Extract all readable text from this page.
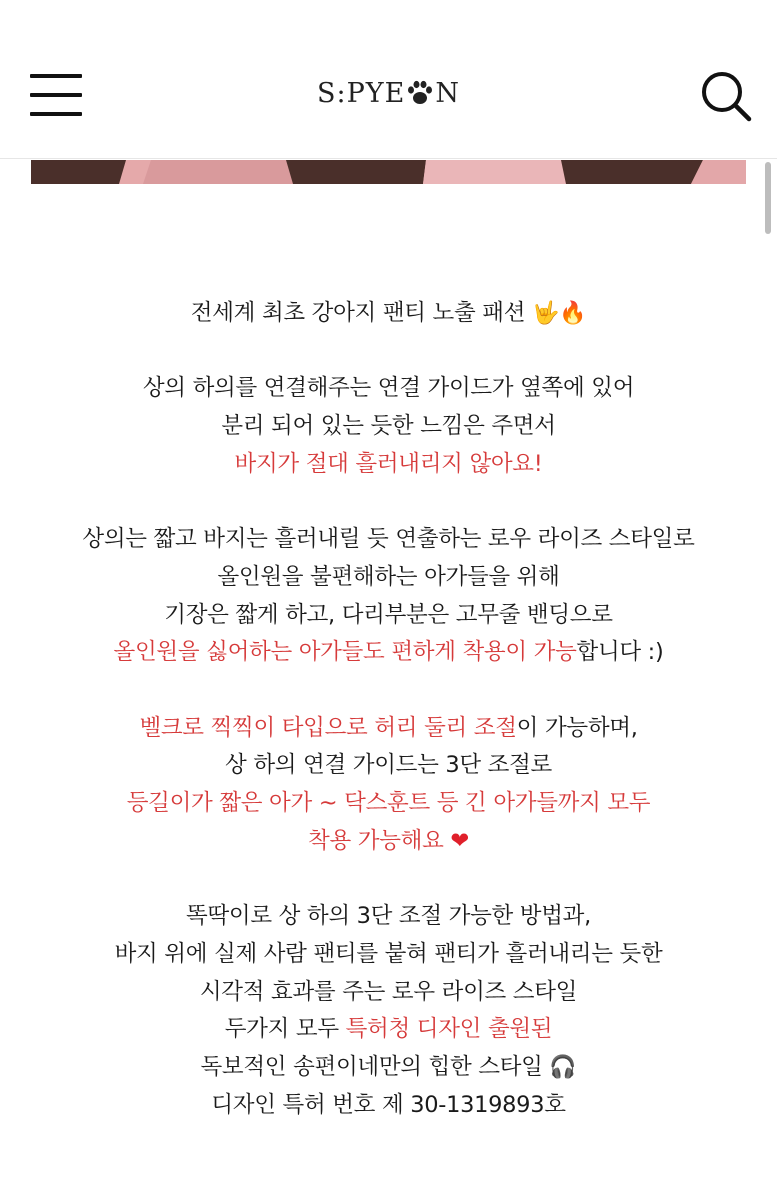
S:PYE N
전세계 최초 강아지 팬티 노출 패션 🤟🔥
상의 하의를 연결해주는 연결 가이드가 옆쪽에 있어
분리 되어 있는 듯한 느낌은 주면서
바지가 절대 흘러내리지 않아요!
상의는 짧고 바지는 흘러내릴 듯 연출하는 로우 라이즈 스타일로
올인원을 불편해하는 아가들을 위해
기장은 짧게 하고, 다리부분은 고무줄 밴딩으로
올인원을 싫어하는 아가들도 편하게 착용이 가능합니다 :)
벨크로 찍찍이 타입으로 허리 둘리 조절이 가능하며,
상 하의 연결 가이드는 3단 조절로
등길이가 짧은 아가 ~ 닥스훈트 등 긴 아가들까지 모두
착용 가능해요 ❤
똑딱이로 상 하의 3단 조절 가능한 방법과,
바지 위에 실제 사람 팬티를 붙혀 팬티가 흘러내리는 듯한
시각적 효과를 주는 로우 라이즈 스타일
두가지 모두 특허청 디자인 출원된
독보적인 송편이네만의 힙한 스타일 🎧
디자인 특허 번호 제 30-1319893호
